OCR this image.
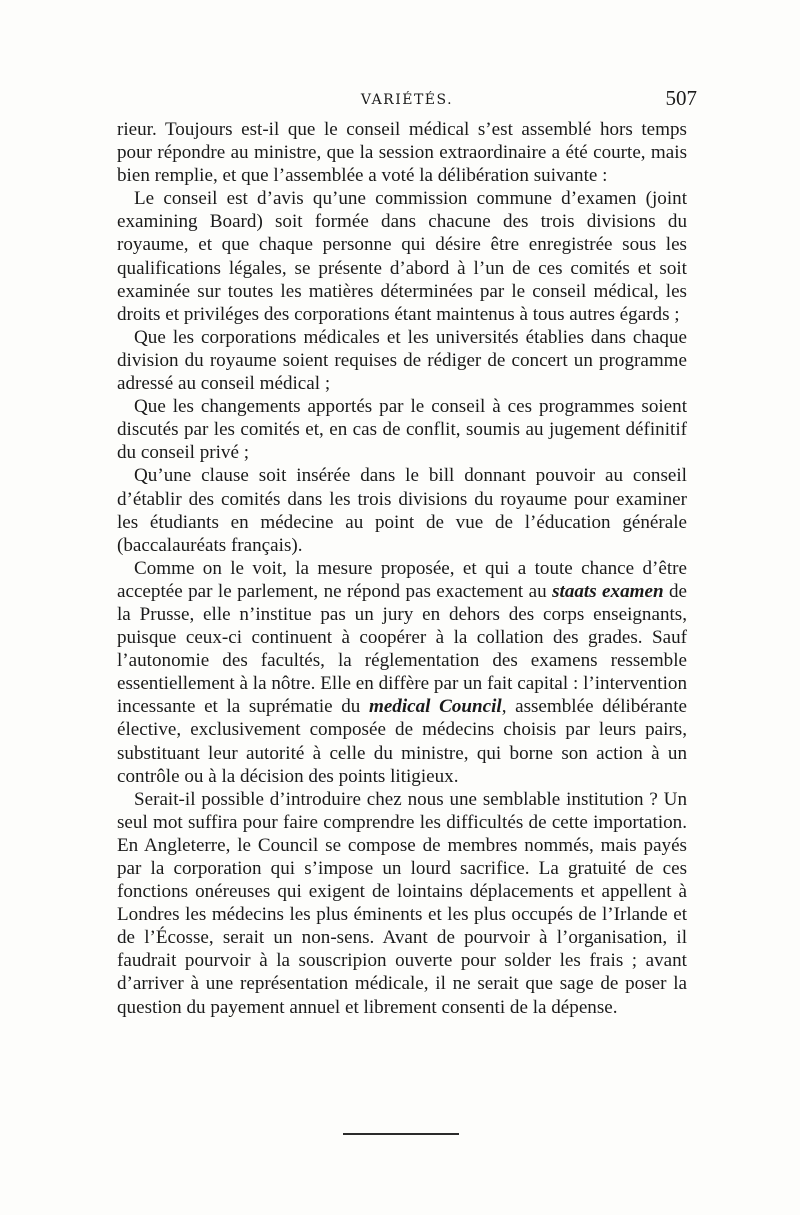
VARIÉTÉS.	507

rieur. Toujours est-il que le conseil médical s’est assemblé hors temps pour répondre au ministre, que la session extraordinaire a été courte, mais bien remplie, et que l’assemblée a voté la délibération suivante :

Le conseil est d’avis qu’une commission commune d’examen (joint examining Board) soit formée dans chacune des trois divisions du royaume, et que chaque personne qui désire être enregistrée sous les qualifications légales, se présente d’abord à l’un de ces comités et soit examinée sur toutes les matières déterminées par le conseil médical, les droits et priviléges des corporations étant maintenus à tous autres égards ;

Que les corporations médicales et les universités établies dans chaque division du royaume soient requises de rédiger de concert un programme adressé au conseil médical ;

Que les changements apportés par le conseil à ces programmes soient discutés par les comités et, en cas de conflit, soumis au jugement définitif du conseil privé ;

Qu’une clause soit insérée dans le bill donnant pouvoir au conseil d’établir des comités dans les trois divisions du royaume pour examiner les étudiants en médecine au point de vue de l’éducation générale (baccalauréats français).

Comme on le voit, la mesure proposée, et qui a toute chance d’être acceptée par le parlement, ne répond pas exactement au staats examen de la Prusse, elle n’institue pas un jury en dehors des corps enseignants, puisque ceux-ci continuent à coopérer à la collation des grades. Sauf l’autonomie des facultés, la réglementation des examens ressemble essentiellement à la nôtre. Elle en diffère par un fait capital : l’intervention incessante et la suprématie du medical Council, assemblée délibérante élective, exclusivement composée de médecins choisis par leurs pairs, substituant leur autorité à celle du ministre, qui borne son action à un contrôle ou à la décision des points litigieux.

Serait-il possible d’introduire chez nous une semblable institution ? Un seul mot suffira pour faire comprendre les difficultés de cette importation. En Angleterre, le Council se compose de membres nommés, mais payés par la corporation qui s’impose un lourd sacrifice. La gratuité de ces fonctions onéreuses qui exigent de lointains déplacements et appellent à Londres les médecins les plus éminents et les plus occupés de l’Irlande et de l’Écosse, serait un non-sens. Avant de pourvoir à l’organisation, il faudrait pourvoir à la souscripion ouverte pour solder les frais ; avant d’arriver à une représentation médicale, il ne serait que sage de poser la question du payement annuel et librement consenti de la dépense.
